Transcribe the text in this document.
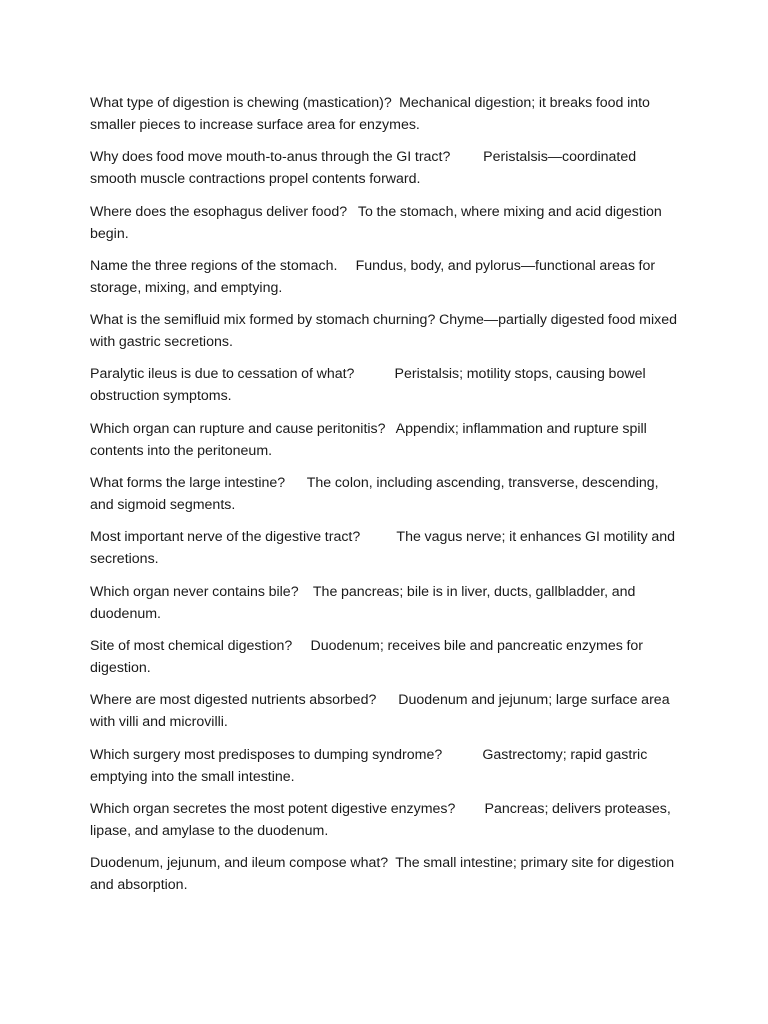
What type of digestion is chewing (mastication)?  Mechanical digestion; it breaks food into smaller pieces to increase surface area for enzymes.

Why does food move mouth-to-anus through the GI tract?         Peristalsis—coordinated smooth muscle contractions propel contents forward.

Where does the esophagus deliver food?   To the stomach, where mixing and acid digestion begin.

Name the three regions of the stomach.     Fundus, body, and pylorus—functional areas for storage, mixing, and emptying.

What is the semifluid mix formed by stomach churning? Chyme—partially digested food mixed with gastric secretions.

Paralytic ileus is due to cessation of what?           Peristalsis; motility stops, causing bowel obstruction symptoms.

Which organ can rupture and cause peritonitis?   Appendix; inflammation and rupture spill contents into the peritoneum.

What forms the large intestine?      The colon, including ascending, transverse, descending, and sigmoid segments.

Most important nerve of the digestive tract?          The vagus nerve; it enhances GI motility and secretions.

Which organ never contains bile?    The pancreas; bile is in liver, ducts, gallbladder, and duodenum.

Site of most chemical digestion?     Duodenum; receives bile and pancreatic enzymes for digestion.

Where are most digested nutrients absorbed?      Duodenum and jejunum; large surface area with villi and microvilli.

Which surgery most predisposes to dumping syndrome?           Gastrectomy; rapid gastric emptying into the small intestine.

Which organ secretes the most potent digestive enzymes?        Pancreas; delivers proteases, lipase, and amylase to the duodenum.

Duodenum, jejunum, and ileum compose what?  The small intestine; primary site for digestion and absorption.
